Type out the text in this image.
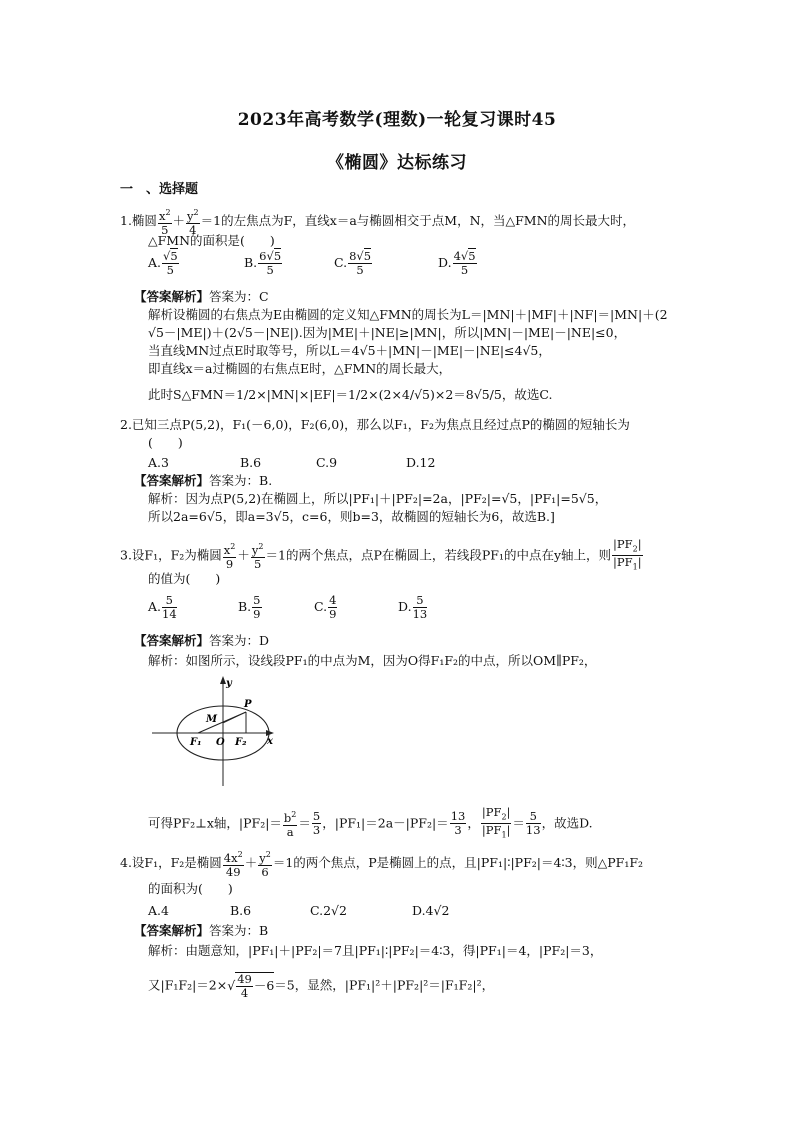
2023年高考数学(理数)一轮复习课时45
《椭圆》达标练习
一　、选择题
1.椭圆 $\frac{x^2}{5} + \frac{y^2}{4} =1$的左焦点为F，直线x＝a与椭圆相交于点M，N，当△FMN的周长最大时，
△FMN的面积是(　　)
A. $\frac{√5}{5}$	B. $\frac{6√5}{5}$	C. $\frac{8√5}{5}$	D. $\frac{4√5}{5}$
【答案解析】答案为：C
解析设椭圆的右焦点为E由椭圆的定义知△FMN的周长为L＝|MN|＋|MF|＋|NF|＝|MN|＋(2
√5－|ME|)＋(2√5－|NE|).因为|ME|＋|NE|≥|MN|，所以|MN|－|ME|－|NE|≤0，
当直线MN过点E时取等号，所以L＝4√5＋|MN|－|ME|－|NE|≤4√5，
即直线x＝a过椭圆的右焦点E时，△FMN的周长最大，
此时S△FMN＝1/2×|MN|×|EF|＝1/2×(2×4/√5)×2＝8√5/5，故选C.
2.已知三点P(5,2)，F₁(－6,0)，F₂(6,0)，那么以F₁，F₂为焦点且经过点P的椭圆的短轴长为
(　　)
A.3	B.6	C.9	D.12
【答案解析】答案为：B.
解析：因为点P(5,2)在椭圆上，所以|PF₁|＋|PF₂|=2a，|PF₂|=√5，|PF₁|=5√5，
所以2a=6√5，即a=3√5，c=6，则b=3，故椭圆的短轴长为6，故选B.]
3.设F₁，F₂为椭圆 $\frac{x^2}{9} + \frac{y^2}{5} =1$的两个焦点，点P在椭圆上，若线段PF₁的中点在y轴上，则 $\frac{|PF_2|}{|PF_1|}$
的值为(　　)
A. $\frac{5}{14}$	B. $\frac{5}{9}$	C. $\frac{4}{9}$	D. $\frac{5}{13}$
【答案解析】答案为：D
解析：如图所示，设线段PF₁的中点为M，因为O得F₁F₂的中点，所以OM∥PF₂，
y
x
M
P
F₁ O F₂
可得PF₂⊥x轴，$|PF_2|= \frac{b^2}{a} = \frac{5}{3}$ ，$|PF_1|=2a-|PF_2|= \frac{13}{3}$ ， $\frac{|PF_2|}{|PF_1|} = \frac{5}{13}$ ，故选D.
4.设F₁，F₂是椭圆 $\frac{4x^2}{49} + \frac{y^2}{6} =1$的两个焦点，P是椭圆上的点，且|PF₁|∶|PF₂|＝4∶3，则△PF₁F₂
的面积为(　　)
A.4	B.6	C.2√2	D.4√2
【答案解析】答案为：B
解析：由题意知，|PF₁|＋|PF₂|＝7且|PF₁|∶|PF₂|＝4∶3，得|PF₁|＝4，|PF₂|＝3，
又$|F_1F_2|=2\times√ \frac{49}{4} -6=5$，显然，|PF₁|²＋|PF₂|²＝|F₁F₂|²，
